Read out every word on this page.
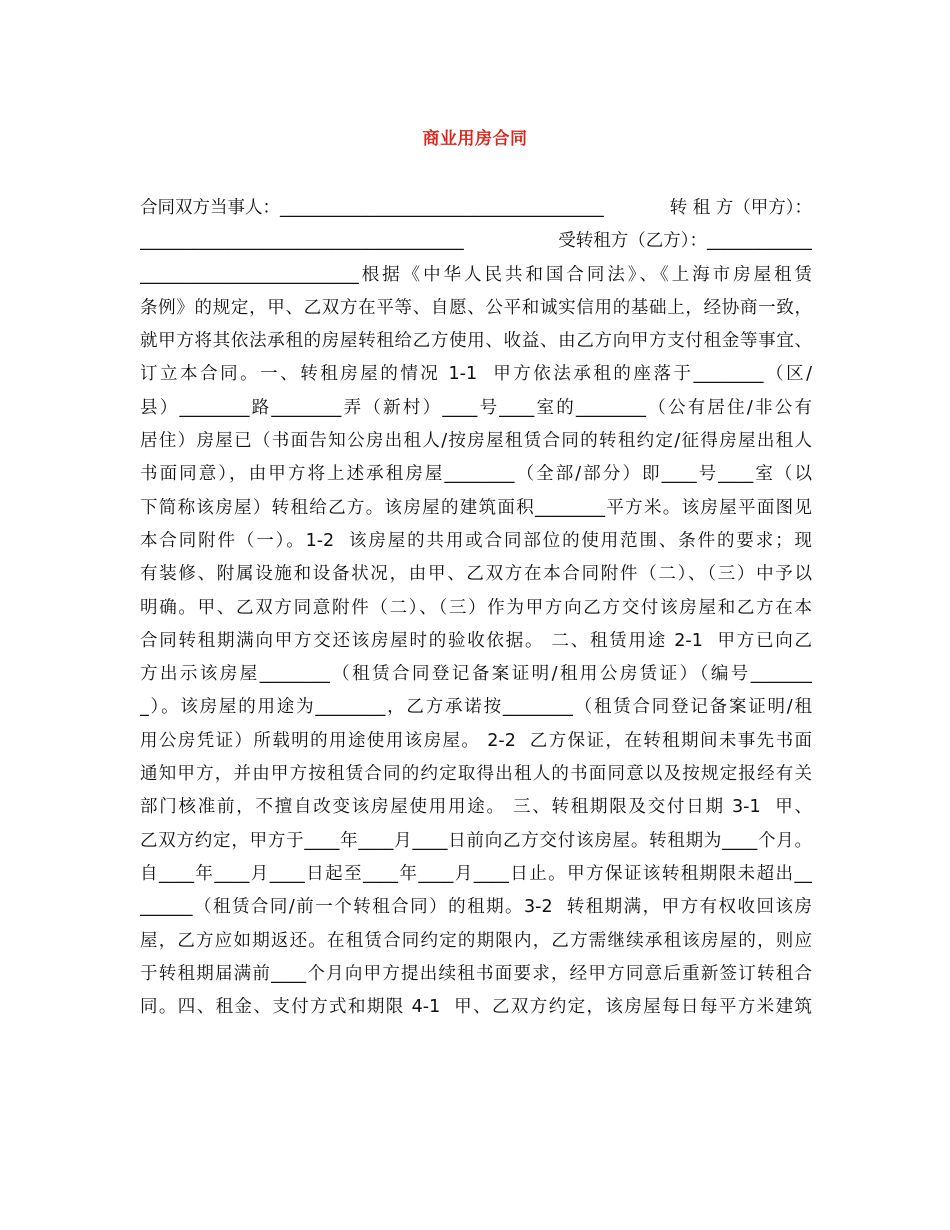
商业用房合同
合同双方当事人：_____________________________________	转 租 方（甲方）：
_____________________________________	受转租方（乙方）：____________
_________________________根据《中华人民共和国合同法》、《上海市房屋租赁
条例》的规定，甲、乙双方在平等、自愿、公平和诚实信用的基础上，经协商一致，
就甲方将其依法承租的房屋转租给乙方使用、收益、由乙方向甲方支付租金等事宜、
订立本合同。一、转租房屋的情况 1-1  甲方依法承租的座落于________（区/
县）________路________弄（新村）____号____室的________（公有居住/非公有
居住）房屋已（书面告知公房出租人/按房屋租赁合同的转租约定/征得房屋出租人
书面同意），由甲方将上述承租房屋________（全部/部分）即____号____室（以
下简称该房屋）转租给乙方。该房屋的建筑面积________平方米。该房屋平面图见
本合同附件（一）。1-2  该房屋的共用或合同部位的使用范围、条件的要求；现
有装修、附属设施和设备状况，由甲、乙双方在本合同附件（二）、（三）中予以
明确。甲、乙双方同意附件（二）、（三）作为甲方向乙方交付该房屋和乙方在本
合同转租期满向甲方交还该房屋时的验收依据。 二、租赁用途 2-1  甲方已向乙
方出示该房屋________（租赁合同登记备案证明/租用公房赁证）（编号_______
_）。该房屋的用途为________，乙方承诺按________（租赁合同登记备案证明/租
用公房凭证）所载明的用途使用该房屋。 2-2  乙方保证，在转租期间未事先书面
通知甲方，并由甲方按租赁合同的约定取得出租人的书面同意以及按规定报经有关
部门核准前，不擅自改变该房屋使用用途。 三、转租期限及交付日期 3-1  甲、
乙双方约定，甲方于____年____月____日前向乙方交付该房屋。转租期为____个月。
自____年____月____日起至____年____月____日止。甲方保证该转租期限未超出__
______（租赁合同/前一个转租合同）的租期。3-2  转租期满，甲方有权收回该房
屋，乙方应如期返还。在租赁合同约定的期限内，乙方需继续承租该房屋的，则应
于转租期届满前____个月向甲方提出续租书面要求，经甲方同意后重新签订转租合
同。四、租金、支付方式和期限 4-1  甲、乙双方约定，该房屋每日每平方米建筑
